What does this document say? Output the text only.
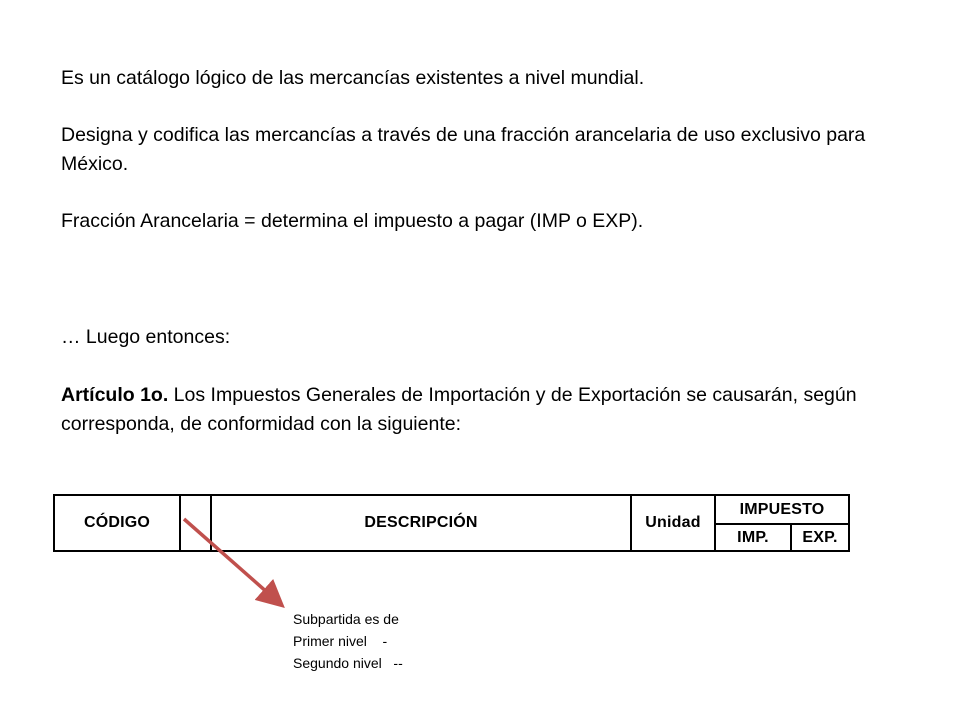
Es un catálogo lógico de las mercancías existentes a nivel mundial.

Designa y codifica las mercancías a través de una fracción arancelaria de uso exclusivo para México.

Fracción Arancelaria = determina el impuesto a pagar (IMP o EXP).

… Luego entonces:

Artículo 1o. Los Impuestos Generales de Importación y de Exportación se causarán, según corresponda, de conformidad con la siguiente:

CÓDIGO	DESCRIPCIÓN	Unidad
IMPUESTO
IMP.	EXP.

Subpartida es de

Primer nivel    -

Segundo nivel   --
